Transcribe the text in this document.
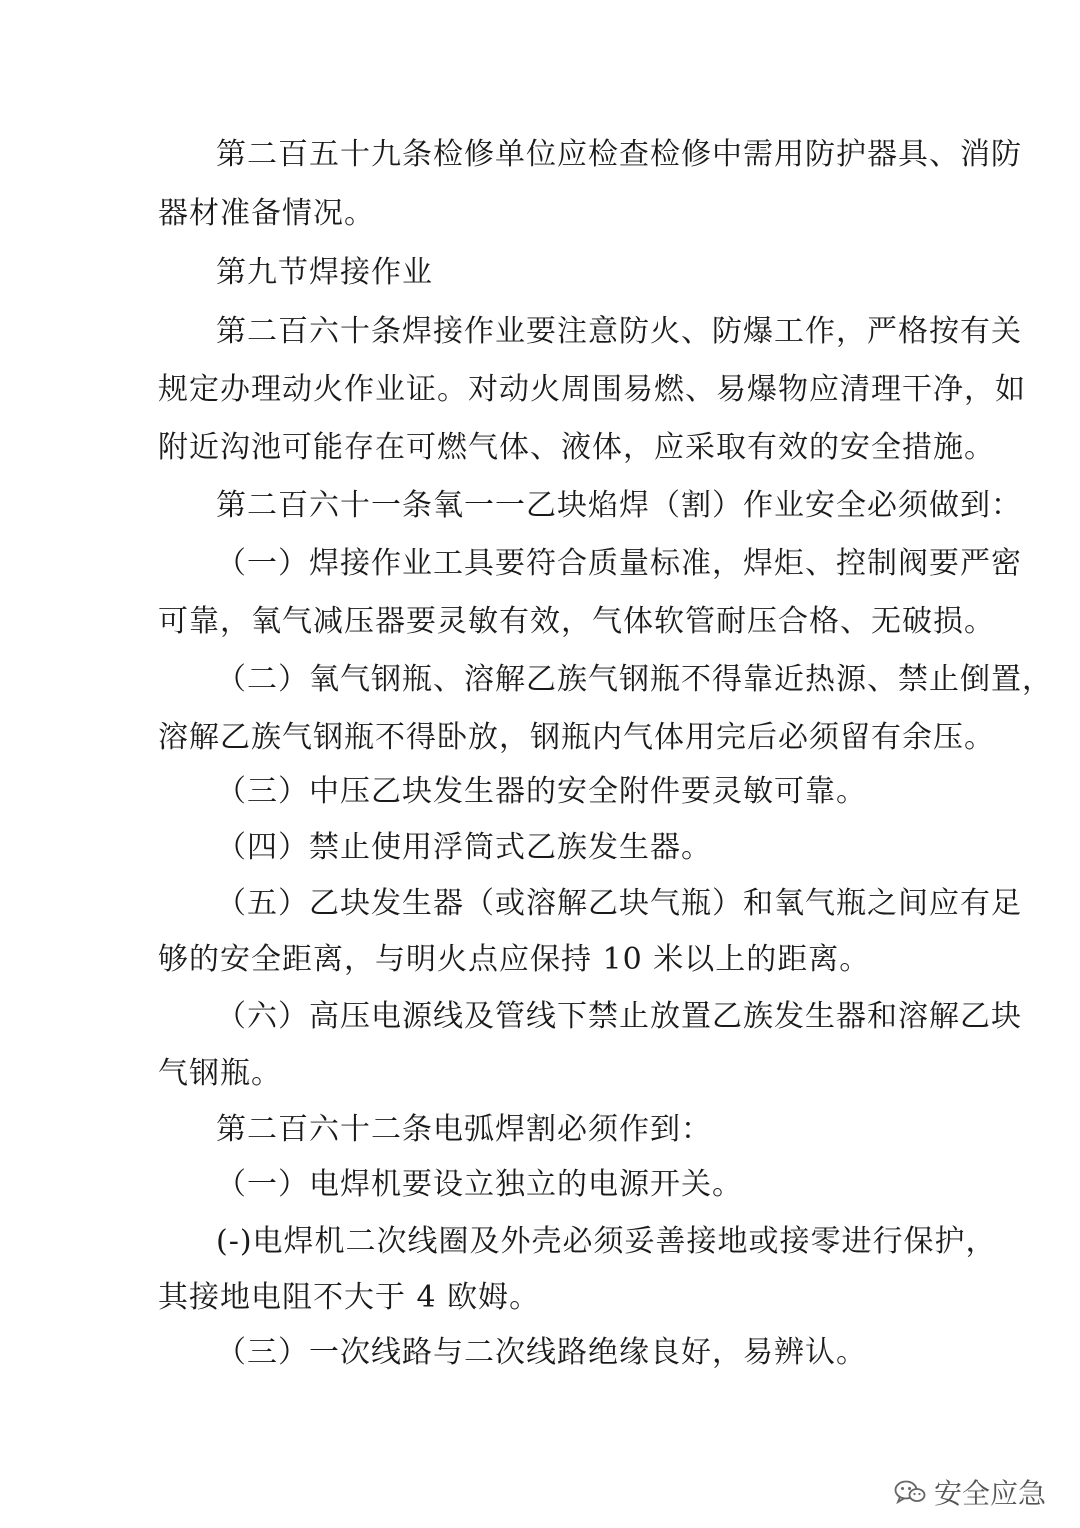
第二百五十九条检修单位应检查检修中需用防护器具、消防
器材准备情况。
第九节焊接作业
第二百六十条焊接作业要注意防火、防爆工作，严格按有关
规定办理动火作业证。对动火周围易燃、易爆物应清理干净，如
附近沟池可能存在可燃气体、液体，应采取有效的安全措施。
第二百六十一条氧一一乙块焰焊（割）作业安全必须做到：
（一）焊接作业工具要符合质量标准，焊炬、控制阀要严密
可靠，氧气减压器要灵敏有效，气体软管耐压合格、无破损。
（二）氧气钢瓶、溶解乙族气钢瓶不得靠近热源、禁止倒置，
溶解乙族气钢瓶不得卧放，钢瓶内气体用完后必须留有余压。
（三）中压乙块发生器的安全附件要灵敏可靠。
（四）禁止使用浮筒式乙族发生器。
（五）乙块发生器（或溶解乙块气瓶）和氧气瓶之间应有足
够的安全距离，与明火点应保持 10 米以上的距离。
（六）高压电源线及管线下禁止放置乙族发生器和溶解乙块
气钢瓶。
第二百六十二条电弧焊割必须作到：
（一）电焊机要设立独立的电源开关。
(-)电焊机二次线圈及外壳必须妥善接地或接零进行保护，
其接地电阻不大于 4 欧姆。
（三）一次线路与二次线路绝缘良好，易辨认。
安全应急
